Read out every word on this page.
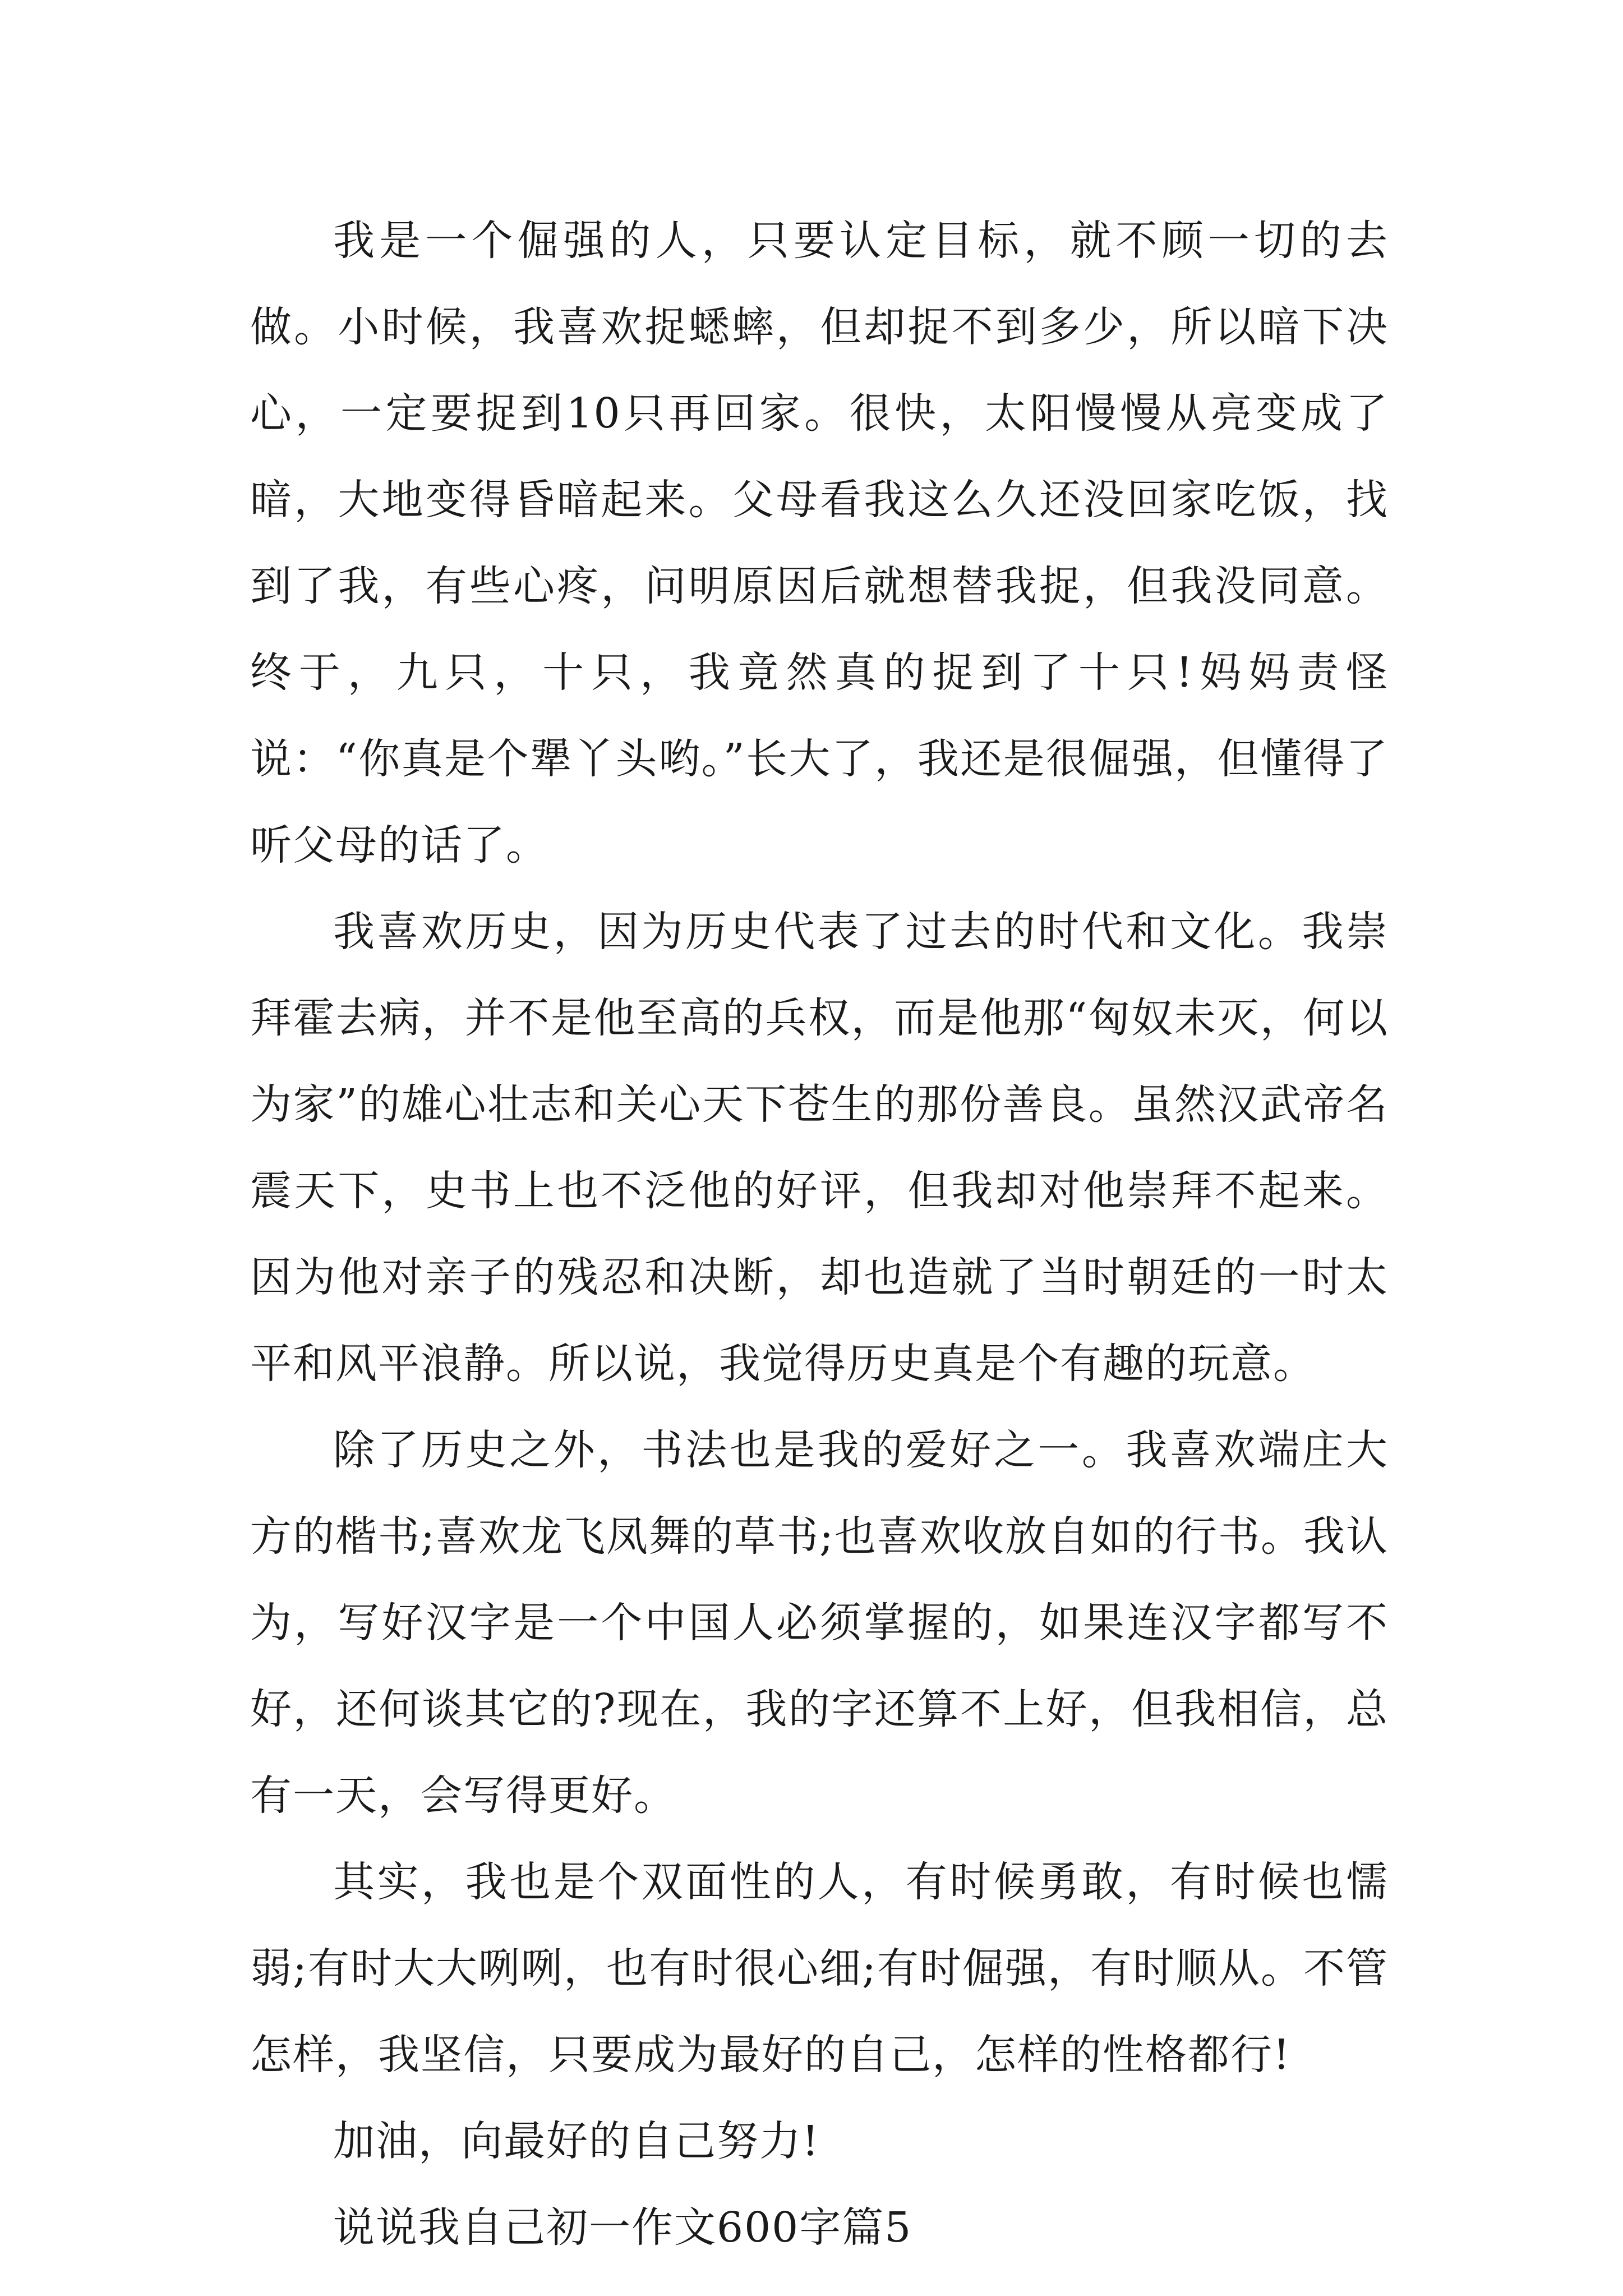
我是一个倔强的人，只要认定目标，就不顾一切的去做。小时候，我喜欢捉蟋蟀，但却捉不到多少，所以暗下决心，一定要捉到10只再回家。很快，太阳慢慢从亮变成了暗，大地变得昏暗起来。父母看我这么久还没回家吃饭，找到了我，有些心疼，问明原因后就想替我捉，但我没同意。终于，九只，十只，我竟然真的捉到了十只!妈妈责怪说：“你真是个犟丫头哟。”长大了，我还是很倔强，但懂得了听父母的话了。

我喜欢历史，因为历史代表了过去的时代和文化。我崇拜霍去病，并不是他至高的兵权，而是他那“匈奴未灭，何以为家”的雄心壮志和关心天下苍生的那份善良。虽然汉武帝名震天下，史书上也不泛他的好评，但我却对他崇拜不起来。因为他对亲子的残忍和决断，却也造就了当时朝廷的一时太平和风平浪静。所以说，我觉得历史真是个有趣的玩意。

除了历史之外，书法也是我的爱好之一。我喜欢端庄大方的楷书;喜欢龙飞凤舞的草书;也喜欢收放自如的行书。我认为，写好汉字是一个中国人必须掌握的，如果连汉字都写不好，还何谈其它的?现在，我的字还算不上好，但我相信，总有一天，会写得更好。

其实，我也是个双面性的人，有时候勇敢，有时候也懦弱;有时大大咧咧，也有时很心细;有时倔强，有时顺从。不管怎样，我坚信，只要成为最好的自己，怎样的性格都行!

加油，向最好的自己努力!

说说我自己初一作文600字篇5
